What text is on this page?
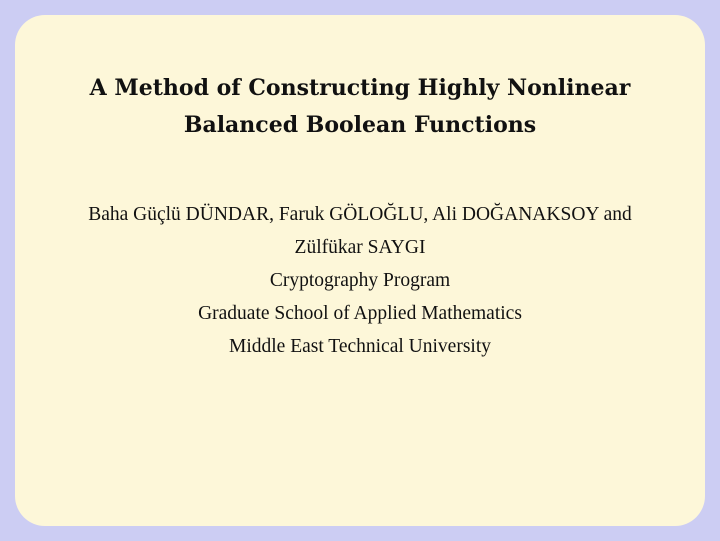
A Method of Constructing Highly Nonlinear
Balanced Boolean Functions
Baha Güçlü DÜNDAR, Faruk GÖLOĞLU, Ali DOĞANAKSOY and
Zülfükar SAYGI
Cryptography Program
Graduate School of Applied Mathematics
Middle East Technical University
